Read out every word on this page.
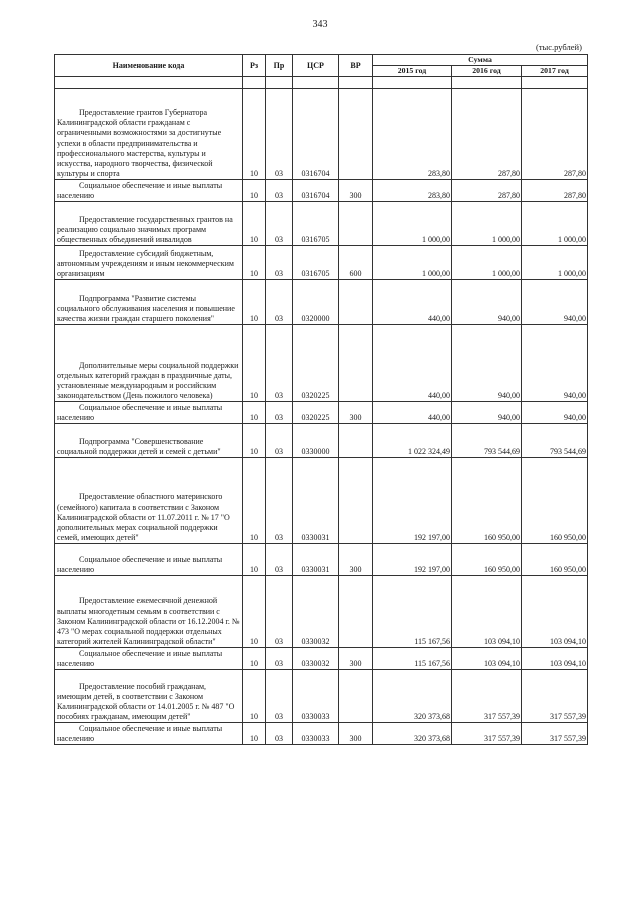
343
(тыс.рублей)
Наименование кода	Рз	Пр	ЦСР	ВР	Сумма		
					2015 год	2016 год	2017 год

Предоставление грантов Губернатора Калининградской области гражданам с ограниченными возможностями за достигнутые успехи в области предпринимательства и профессионального мастерства, культуры и искусства, народного творчества, физической культуры и спорта	10	03	0316704		283,80	287,80	287,80

Социальное обеспечение и иные выплаты населению	10	03	0316704	300	283,80	287,80	287,80

Предоставление государственных грантов на реализацию социально значимых программ общественных объединений инвалидов	10	03	0316705		1 000,00	1 000,00	1 000,00

Предоставление субсидий бюджетным, автономным учреждениям и иным некоммерческим организациям	10	03	0316705	600	1 000,00	1 000,00	1 000,00

Подпрограмма "Развитие системы социального обслуживания населения и повышение качества жизни граждан старшего поколения"	10	03	0320000		440,00	940,00	940,00

Дополнительные меры социальной поддержки отдельных категорий граждан в праздничные даты, установленные международным и российским законодательством (День пожилого человека)	10	03	0320225		440,00	940,00	940,00

Социальное обеспечение и иные выплаты населению	10	03	0320225	300	440,00	940,00	940,00

Подпрограмма "Совершенствование социальной поддержки детей и семей с детьми"	10	03	0330000		1 022 324,49	793 544,69	793 544,69

Предоставление областного материнского (семейного) капитала в соответствии с Законом Калининградской области от 11.07.2011 г. № 17 "О дополнительных мерах социальной поддержки семей, имеющих детей"	10	03	0330031		192 197,00	160 950,00	160 950,00

Социальное обеспечение и иные выплаты населению	10	03	0330031	300	192 197,00	160 950,00	160 950,00

Предоставление ежемесячной денежной выплаты многодетным семьям в соответствии с Законом Калининградской области от 16.12.2004 г. № 473 "О мерах социальной поддержки отдельных категорий жителей Калининградской области"	10	03	0330032		115 167,56	103 094,10	103 094,10

Социальное обеспечение и иные выплаты населению	10	03	0330032	300	115 167,56	103 094,10	103 094,10

Предоставление пособий гражданам, имеющим детей, в соответствии с Законом Калининградской области от 14.01.2005 г. № 487 "О пособиях гражданам, имеющим детей"	10	03	0330033		320 373,68	317 557,39	317 557,39

Социальное обеспечение и иные выплаты населению	10	03	0330033	300	320 373,68	317 557,39	317 557,39
